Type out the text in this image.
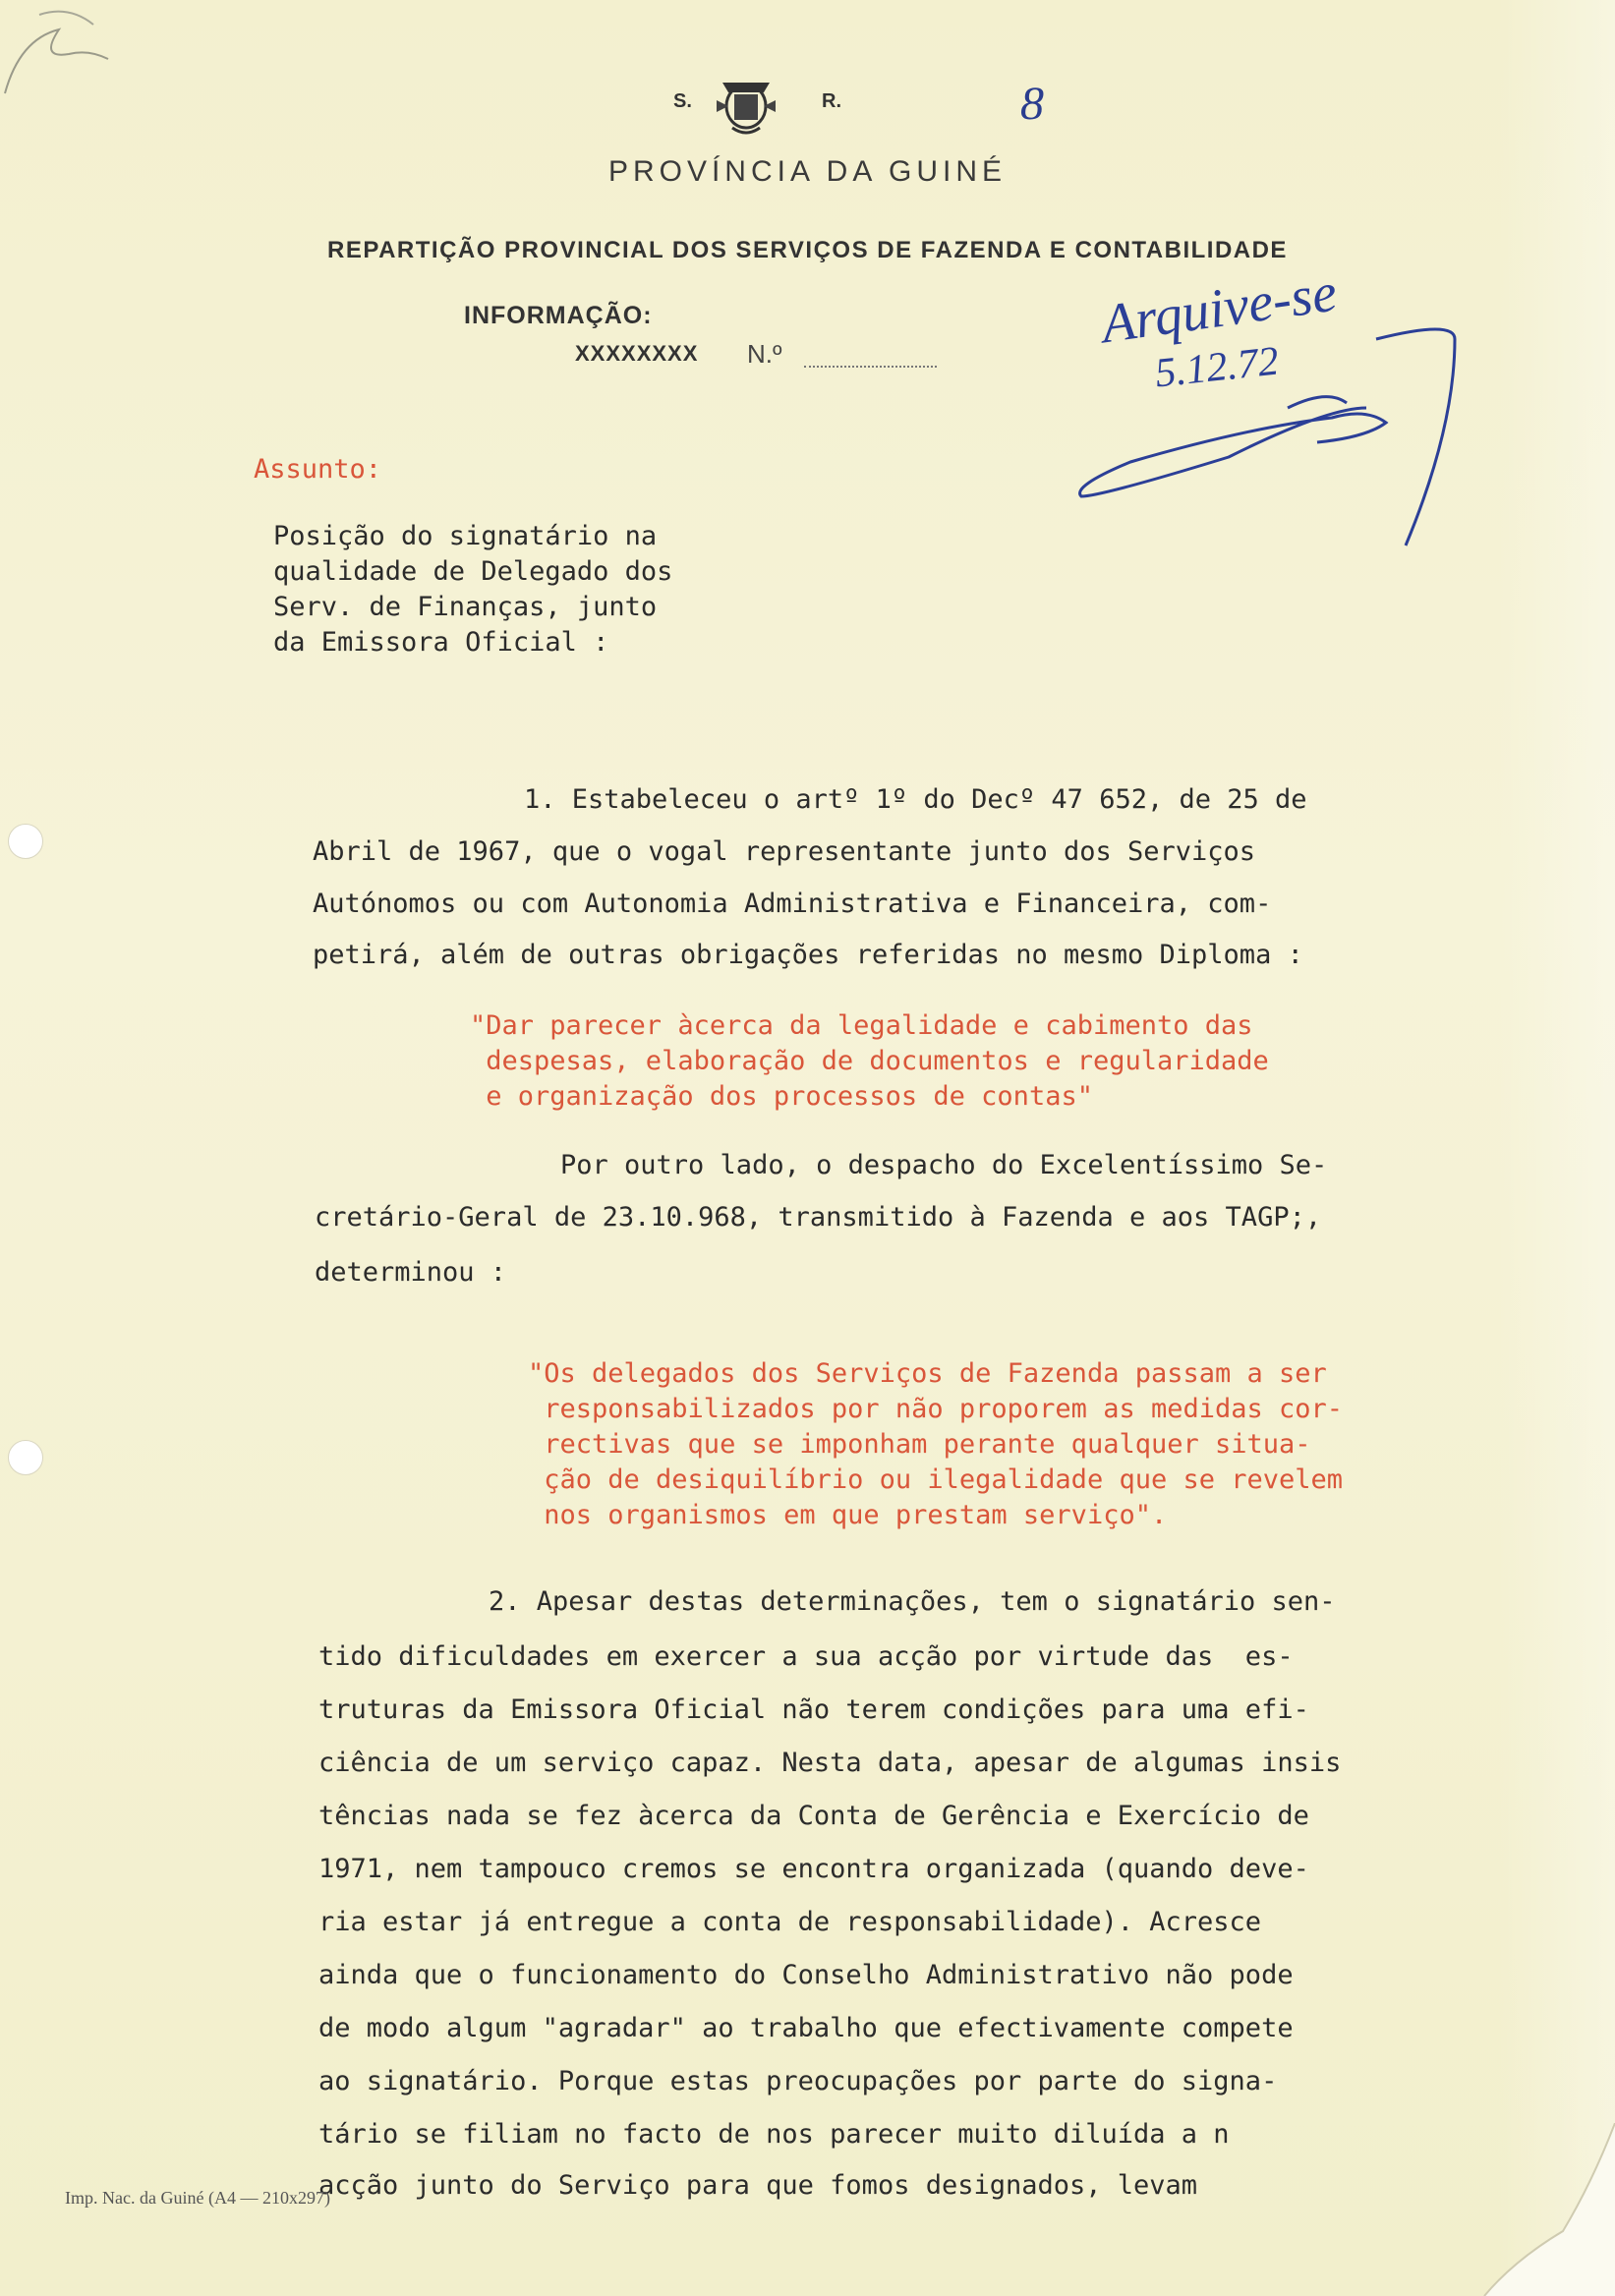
S.	R.	8
PROVÍNCIA DA GUINÉ
REPARTIÇÃO PROVINCIAL DOS SERVIÇOS DE FAZENDA E CONTABILIDADE
INFORMAÇÃO:
XXXXXXXX N.º	Arquive-se
5.12.72
Assunto:
Posição do signatário na
qualidade de Delegado dos
Serv. de Finanças, junto
da Emissora Oficial :
1. Estabeleceu o artº 1º do Decº 47 652, de 25 de
Abril de 1967, que o vogal representante junto dos Serviços
Autónomos ou com Autonomia Administrativa e Financeira, com-
petirá, além de outras obrigações referidas no mesmo Diploma :
"Dar parecer àcerca da legalidade e cabimento das
despesas, elaboração de documentos e regularidade
e organização dos processos de contas"
Por outro lado, o despacho do Excelentíssimo Se-
cretário-Geral de 23.10.968, transmitido à Fazenda e aos TAGP;,
determinou :
"Os delegados dos Serviços de Fazenda passam a ser
responsabilizados por não proporem as medidas cor-
rectivas que se imponham perante qualquer situa-
ção de desiquilíbrio ou ilegalidade que se revelem
nos organismos em que prestam serviço".
2. Apesar destas determinações, tem o signatário sen-
tido dificuldades em exercer a sua acção por virtude das  es-
truturas da Emissora Oficial não terem condições para uma efi-
ciência de um serviço capaz. Nesta data, apesar de algumas insis
tências nada se fez àcerca da Conta de Gerência e Exercício de
1971, nem tampouco cremos se encontra organizada (quando deve-
ria estar já entregue a conta de responsabilidade). Acresce
ainda que o funcionamento do Conselho Administrativo não pode
de modo algum "agradar" ao trabalho que efectivamente compete
ao signatário. Porque estas preocupações por parte do signa-
tário se filiam no facto de nos parecer muito diluída a n
acção junto do Serviço para que fomos designados, levam
Imp. Nac. da Guiné (A4 — 210x297)
